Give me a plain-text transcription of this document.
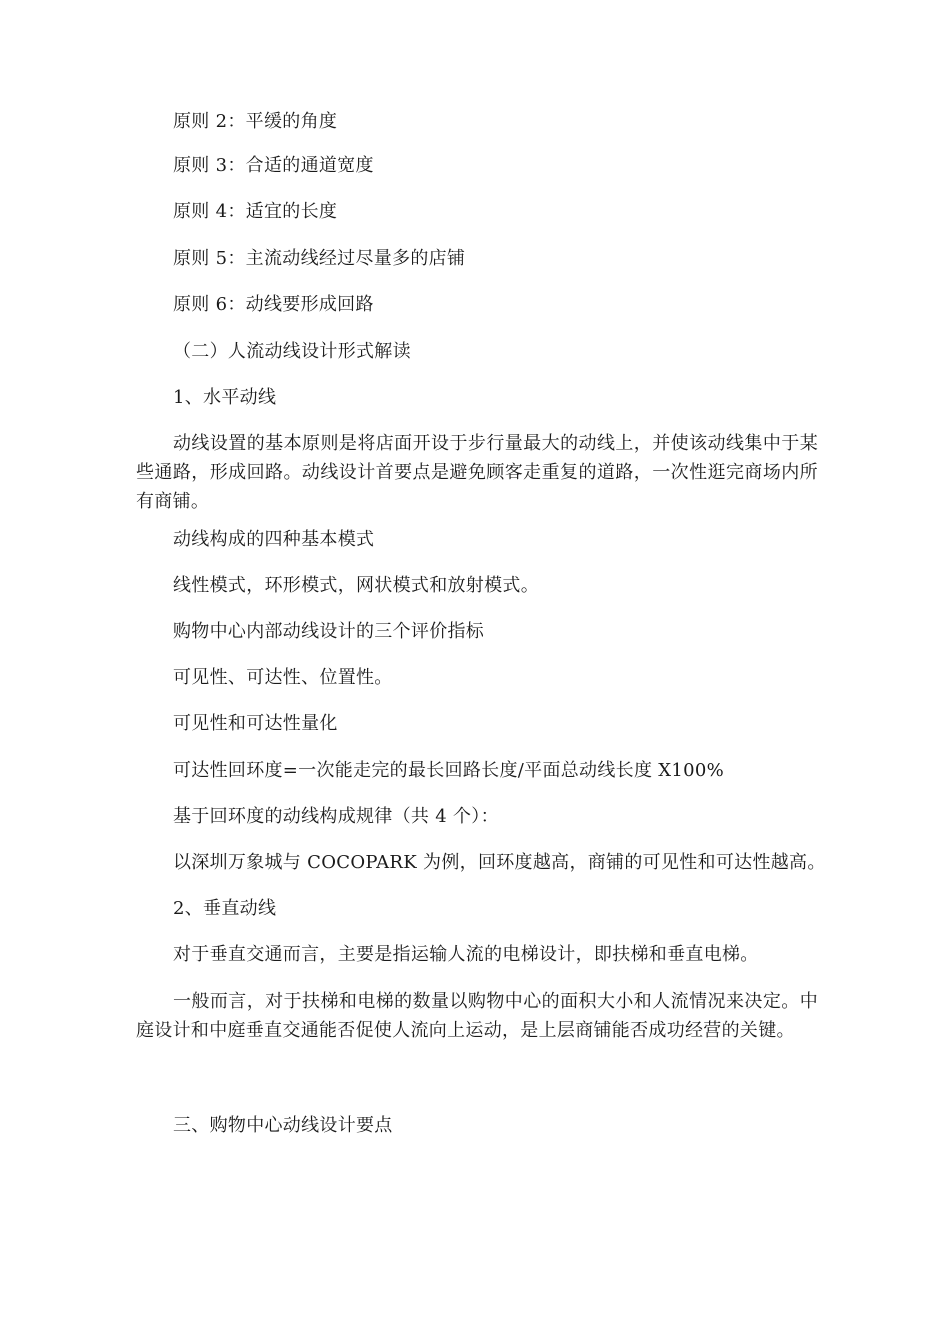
原则 2：平缓的角度
原则 3：合适的通道宽度
原则 4：适宜的长度
原则 5：主流动线经过尽量多的店铺
原则 6：动线要形成回路
（二）人流动线设计形式解读
1、水平动线
动线设置的基本原则是将店面开设于步行量最大的动线上，并使该动线集中于某些通路，形成回路。动线设计首要点是避免顾客走重复的道路，一次性逛完商场内所有商铺。
动线构成的四种基本模式
线性模式，环形模式，网状模式和放射模式。
购物中心内部动线设计的三个评价指标
可见性、可达性、位置性。
可见性和可达性量化
可达性回环度=一次能走完的最长回路长度/平面总动线长度 X100%
基于回环度的动线构成规律（共 4 个）：
以深圳万象城与 COCOPARK 为例，回环度越高，商铺的可见性和可达性越高。
2、垂直动线
对于垂直交通而言，主要是指运输人流的电梯设计，即扶梯和垂直电梯。
一般而言，对于扶梯和电梯的数量以购物中心的面积大小和人流情况来决定。中庭设计和中庭垂直交通能否促使人流向上运动，是上层商铺能否成功经营的关键。
三、购物中心动线设计要点
